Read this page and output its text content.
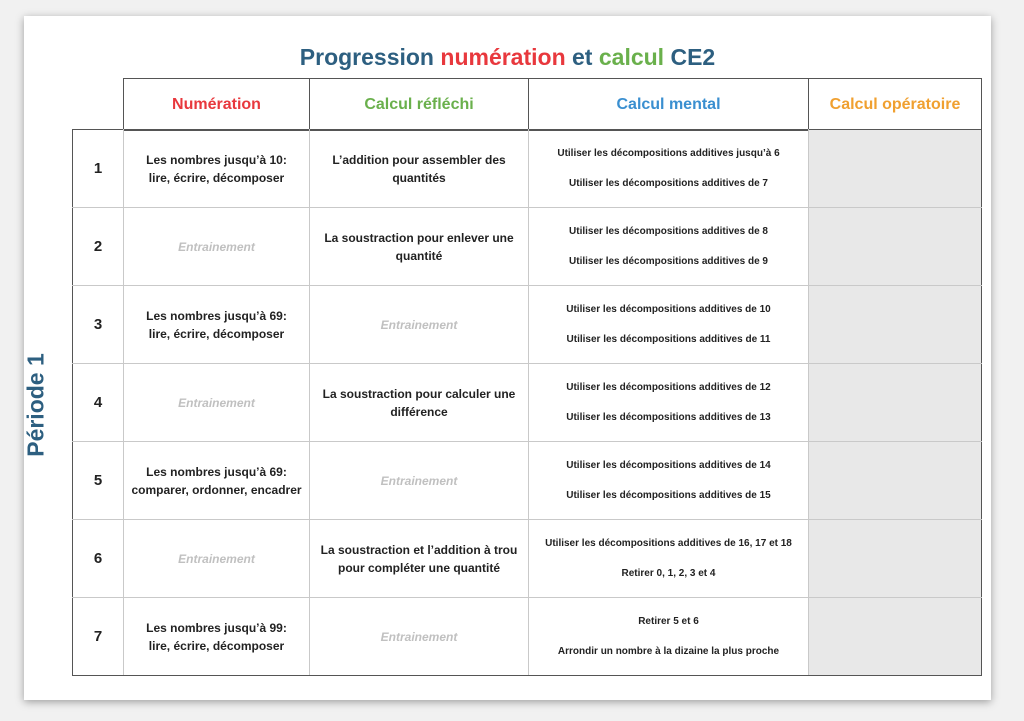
Progression numération et calcul CE2
Période 1
Numération	Calcul réfléchi	Calcul mental	Calcul opératoire
1	Les nombres jusqu’à 10:
lire, écrire, décomposer	L’addition pour assembler des quantités	Utiliser les décompositions additives jusqu’à 6
Utiliser les décompositions additives de 7	

2	Entrainement	La soustraction pour enlever une quantité	Utiliser les décompositions additives de 8
Utiliser les décompositions additives de 9	

3	Les nombres jusqu’à 69:
lire, écrire, décomposer	Entrainement	Utiliser les décompositions additives de 10
Utiliser les décompositions additives de 11	

4	Entrainement	La soustraction pour calculer une différence	Utiliser les décompositions additives de 12
Utiliser les décompositions additives de 13	

5	Les nombres jusqu’à 69:
comparer, ordonner, encadrer	Entrainement	Utiliser les décompositions additives de 14
Utiliser les décompositions additives de 15	

6	Entrainement	La soustraction et l’addition à trou pour compléter une quantité	Utiliser les décompositions additives de 16, 17 et 18
Retirer 0, 1, 2, 3 et 4	

7	Les nombres jusqu’à 99:
lire, écrire, décomposer	Entrainement	Retirer 5 et 6
Arrondir un nombre à la dizaine la plus proche	
